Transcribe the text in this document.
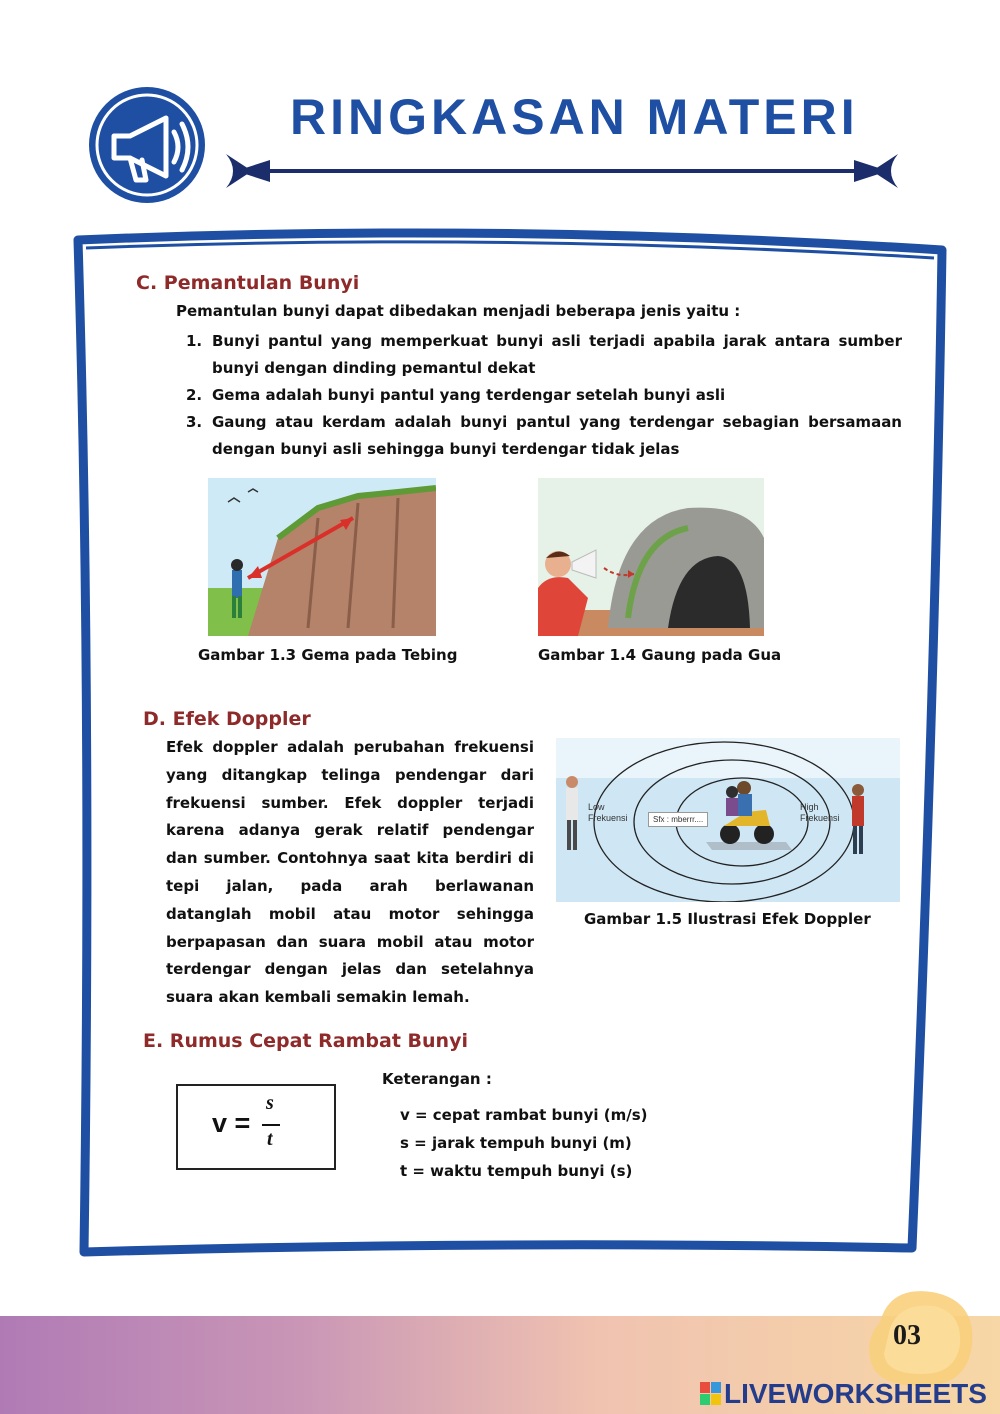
RINGKASAN MATERI
C. Pemantulan Bunyi
Pemantulan bunyi dapat dibedakan menjadi beberapa jenis yaitu :
1. Bunyi pantul yang memperkuat bunyi asli terjadi apabila jarak antara sumber bunyi dengan dinding pemantul dekat
2. Gema adalah bunyi pantul yang terdengar setelah bunyi asli
3. Gaung atau kerdam adalah bunyi pantul yang terdengar sebagian bersamaan dengan bunyi asli sehingga bunyi terdengar tidak jelas
Gambar 1.3 Gema pada Tebing	Gambar 1.4 Gaung pada Gua
D. Efek Doppler
Efek doppler adalah perubahan frekuensi yang ditangkap telinga pendengar dari frekuensi sumber. Efek doppler terjadi karena adanya gerak relatif pendengar dan sumber. Contohnya saat kita berdiri di tepi jalan, pada arah berlawanan datanglah mobil atau motor sehingga berpapasan dan suara mobil atau motor terdengar dengan jelas dan setelahnya suara akan kembali semakin lemah.
Low Frekuensi
High Frekuensi
Sfx : mberrr....
Gambar 1.5 Ilustrasi Efek Doppler
E. Rumus Cepat Rambat Bunyi
v =
s
t
Keterangan :
v = cepat rambat bunyi (m/s)
s = jarak tempuh bunyi (m)
t = waktu tempuh bunyi (s)
03
LIVEWORKSHEETS
